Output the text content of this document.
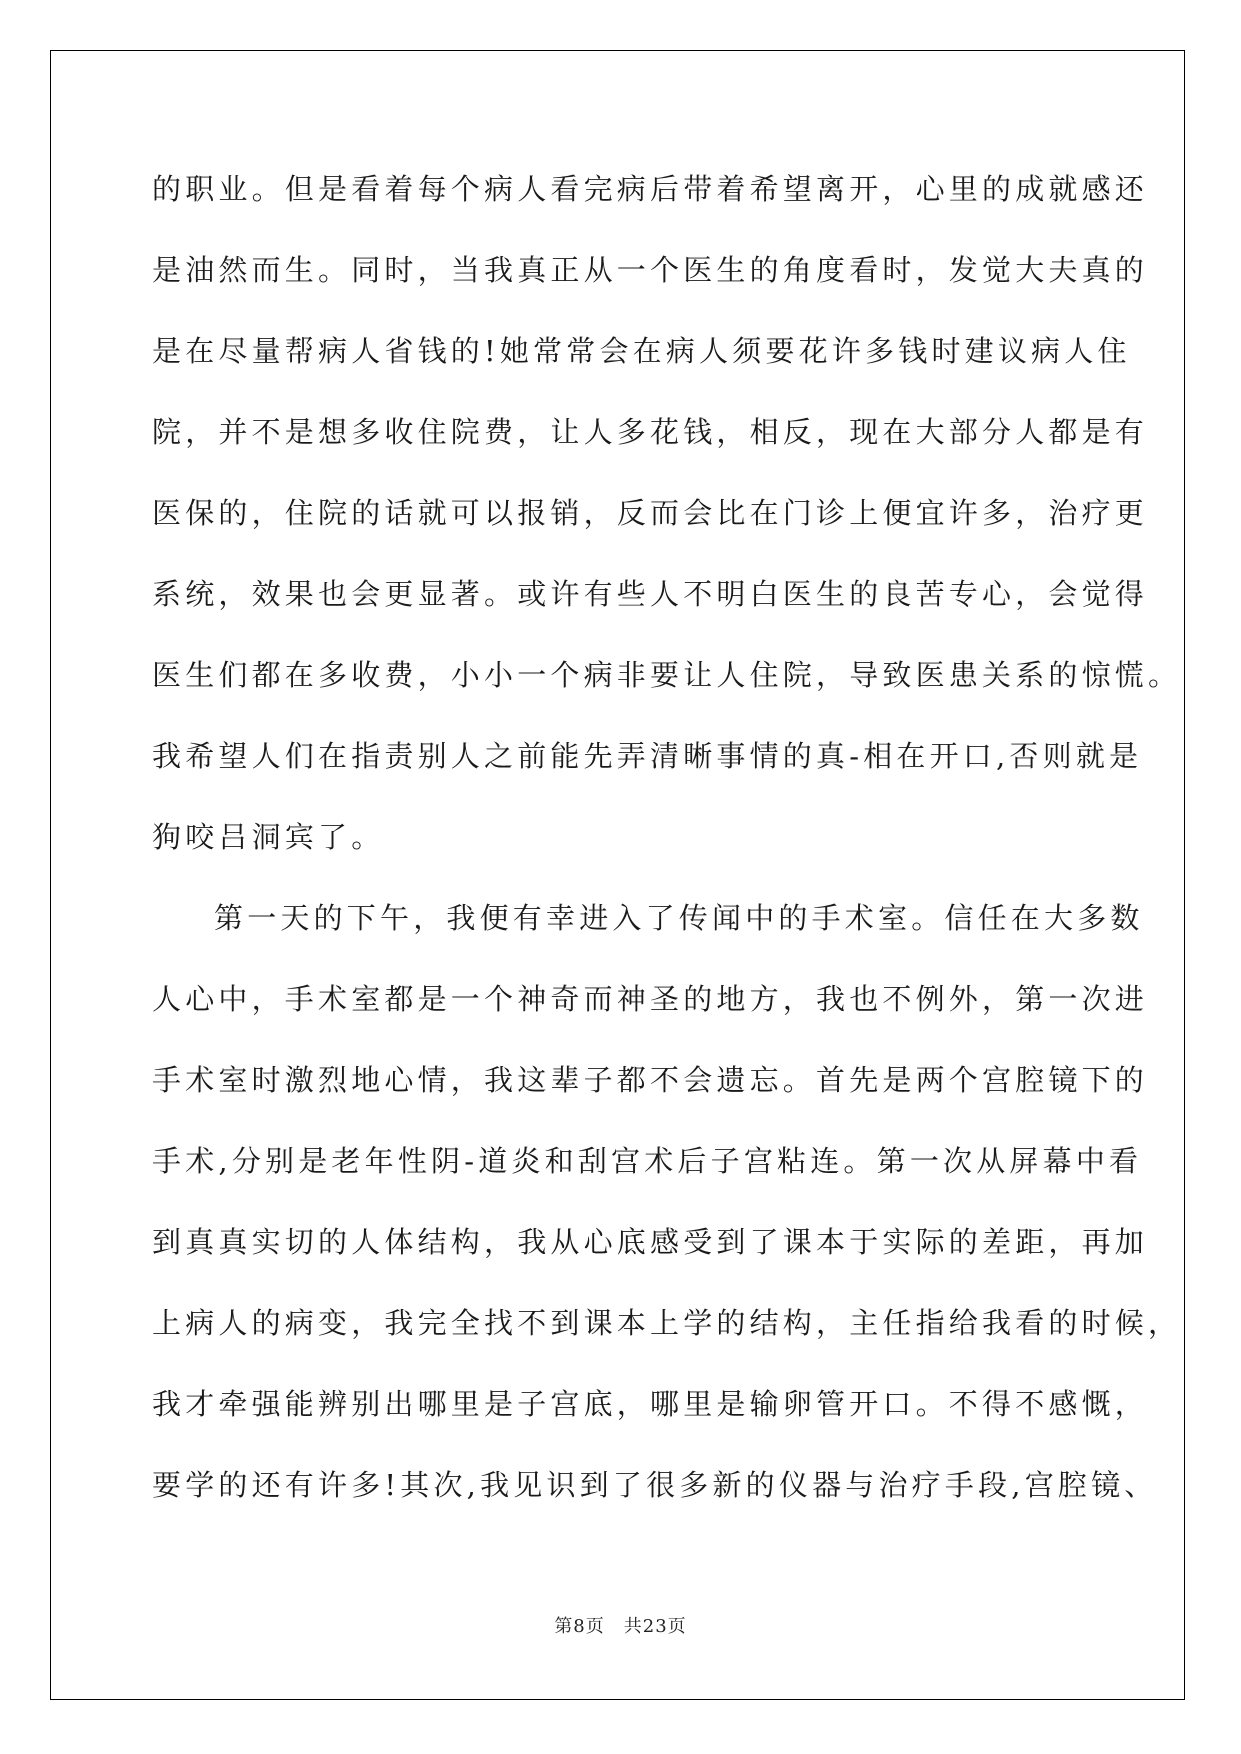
的职业。但是看着每个病人看完病后带着希望离开，心里的成就感还
是油然而生。同时，当我真正从一个医生的角度看时，发觉大夫真的
是在尽量帮病人省钱的!她常常会在病人须要花许多钱时建议病人住
院，并不是想多收住院费，让人多花钱，相反，现在大部分人都是有
医保的，住院的话就可以报销，反而会比在门诊上便宜许多，治疗更
系统，效果也会更显著。或许有些人不明白医生的良苦专心，会觉得
医生们都在多收费，小小一个病非要让人住院，导致医患关系的惊慌。
我希望人们在指责别人之前能先弄清晰事情的真-相在开口,否则就是
狗咬吕洞宾了。
第一天的下午，我便有幸进入了传闻中的手术室。信任在大多数
人心中，手术室都是一个神奇而神圣的地方，我也不例外，第一次进
手术室时激烈地心情，我这辈子都不会遗忘。首先是两个宫腔镜下的
手术,分别是老年性阴-道炎和刮宫术后子宫粘连。第一次从屏幕中看
到真真实切的人体结构，我从心底感受到了课本于实际的差距，再加
上病人的病变，我完全找不到课本上学的结构，主任指给我看的时候，
我才牵强能辨别出哪里是子宫底，哪里是输卵管开口。不得不感慨，
要学的还有许多!其次,我见识到了很多新的仪器与治疗手段,宫腔镜、
第8页　共23页
